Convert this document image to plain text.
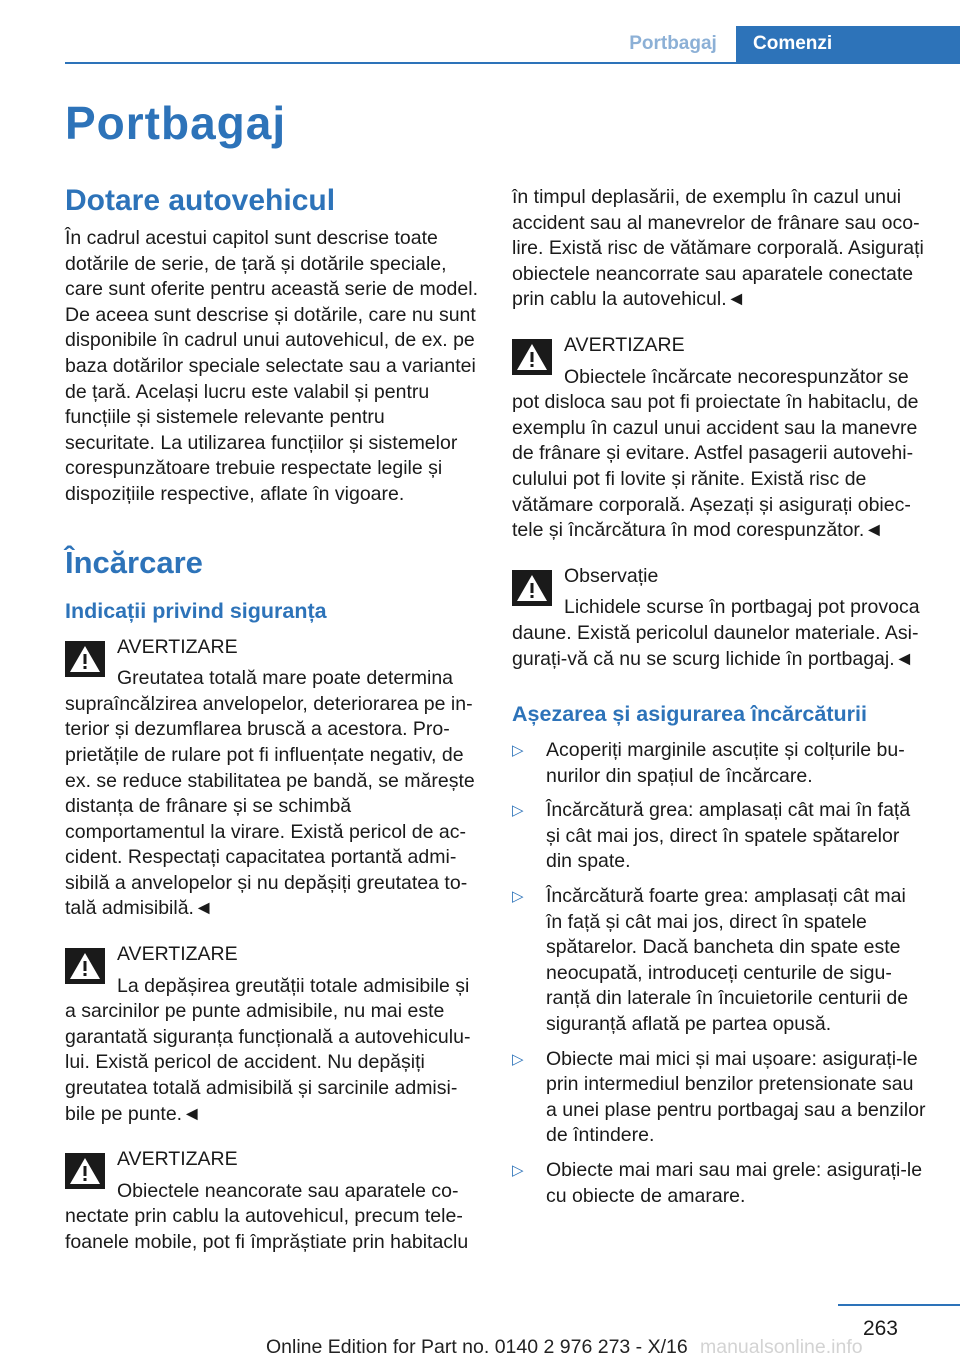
Portbagaj	Comenzi
Portbagaj
Dotare autovehicul

În cadrul acestui capitol sunt descrise toate dotările de serie, de țară și dotările speciale, care sunt oferite pentru această serie de model. De aceea sunt descrise și dotările, care nu sunt disponibile în cadrul unui autovehicul, de ex. pe baza dotărilor speciale selectate sau a variantei de țară. Același lucru este valabil și pentru funcțiile și sistemele relevante pentru securitate. La utilizarea funcțiilor și sistemelor corespunzătoare trebuie respectate legile și dispozițiile respective, aflate în vigoare.

Încărcare
Indicații privind siguranța
AVERTIZARE

Greutatea totală mare poate determina supraîncălzirea anvelopelor, deteriorarea pe interior și dezumflarea bruscă a acestora. Proprietățile de rulare pot fi influențate negativ, de ex. se reduce stabilitatea pe bandă, se mărește distanța de frânare și se schimbă comportamentul la virare. Există pericol de accident. Respectați capacitatea portantă admisibilă a anvelopelor și nu depășiți greutatea totală admisibilă.◄

AVERTIZARE

La depășirea greutății totale admisibile și a sarcinilor pe punte admisibile, nu mai este garantată siguranța funcțională a autovehiculului. Există pericol de accident. Nu depășiți greutatea totală admisibilă și sarcinile admisibile pe punte.◄

AVERTIZARE

Obiectele neancorate sau aparatele conectate prin cablu la autovehicul, precum telefoanele mobile, pot fi împrăștiate prin habitaclu

în timpul deplasării, de exemplu în cazul unui accident sau al manevrelor de frânare sau ocolire. Există risc de vătămare corporală. Asigurați obiectele neancorrate sau aparatele conectate prin cablu la autovehicul.◄

AVERTIZARE

Obiectele încărcate necorespunzător se pot disloca sau pot fi proiectate în habitaclu, de exemplu în cazul unui accident sau la manevre de frânare și evitare. Astfel pasagerii autovehiculului pot fi lovite și rănite. Există risc de vătămare corporală. Așezați și asigurați obiectele și încărcătura în mod corespunzător.◄

Observație

Lichidele scurse în portbagaj pot provoca daune. Există pericolul daunelor materiale. Asigurați-vă că nu se scurg lichide în portbagaj.◄

Așezarea și asigurarea încărcăturii
▷ Acoperiți marginile ascuțite și colțurile bunurilor din spațiul de încărcare.
▷ Încărcătură grea: amplasați cât mai în față și cât mai jos, direct în spatele spătarelor din spate.
▷ Încărcătură foarte grea: amplasați cât mai în față și cât mai jos, direct în spatele spătarelor. Dacă bancheta din spate este neocupată, introduceți centurile de siguranță din laterale în încuietorile centurii de siguranță aflată pe partea opusă.
▷ Obiecte mai mici și mai ușoare: asigurați-le prin intermediul benzilor pretensionate sau a unei plase pentru portbagaj sau a benzilor de întindere.
▷ Obiecte mai mari sau mai grele: asigurați-le cu obiecte de amarare.
263
Online Edition for Part no. 0140 2 976 273 - X/16 manualsonline.info
